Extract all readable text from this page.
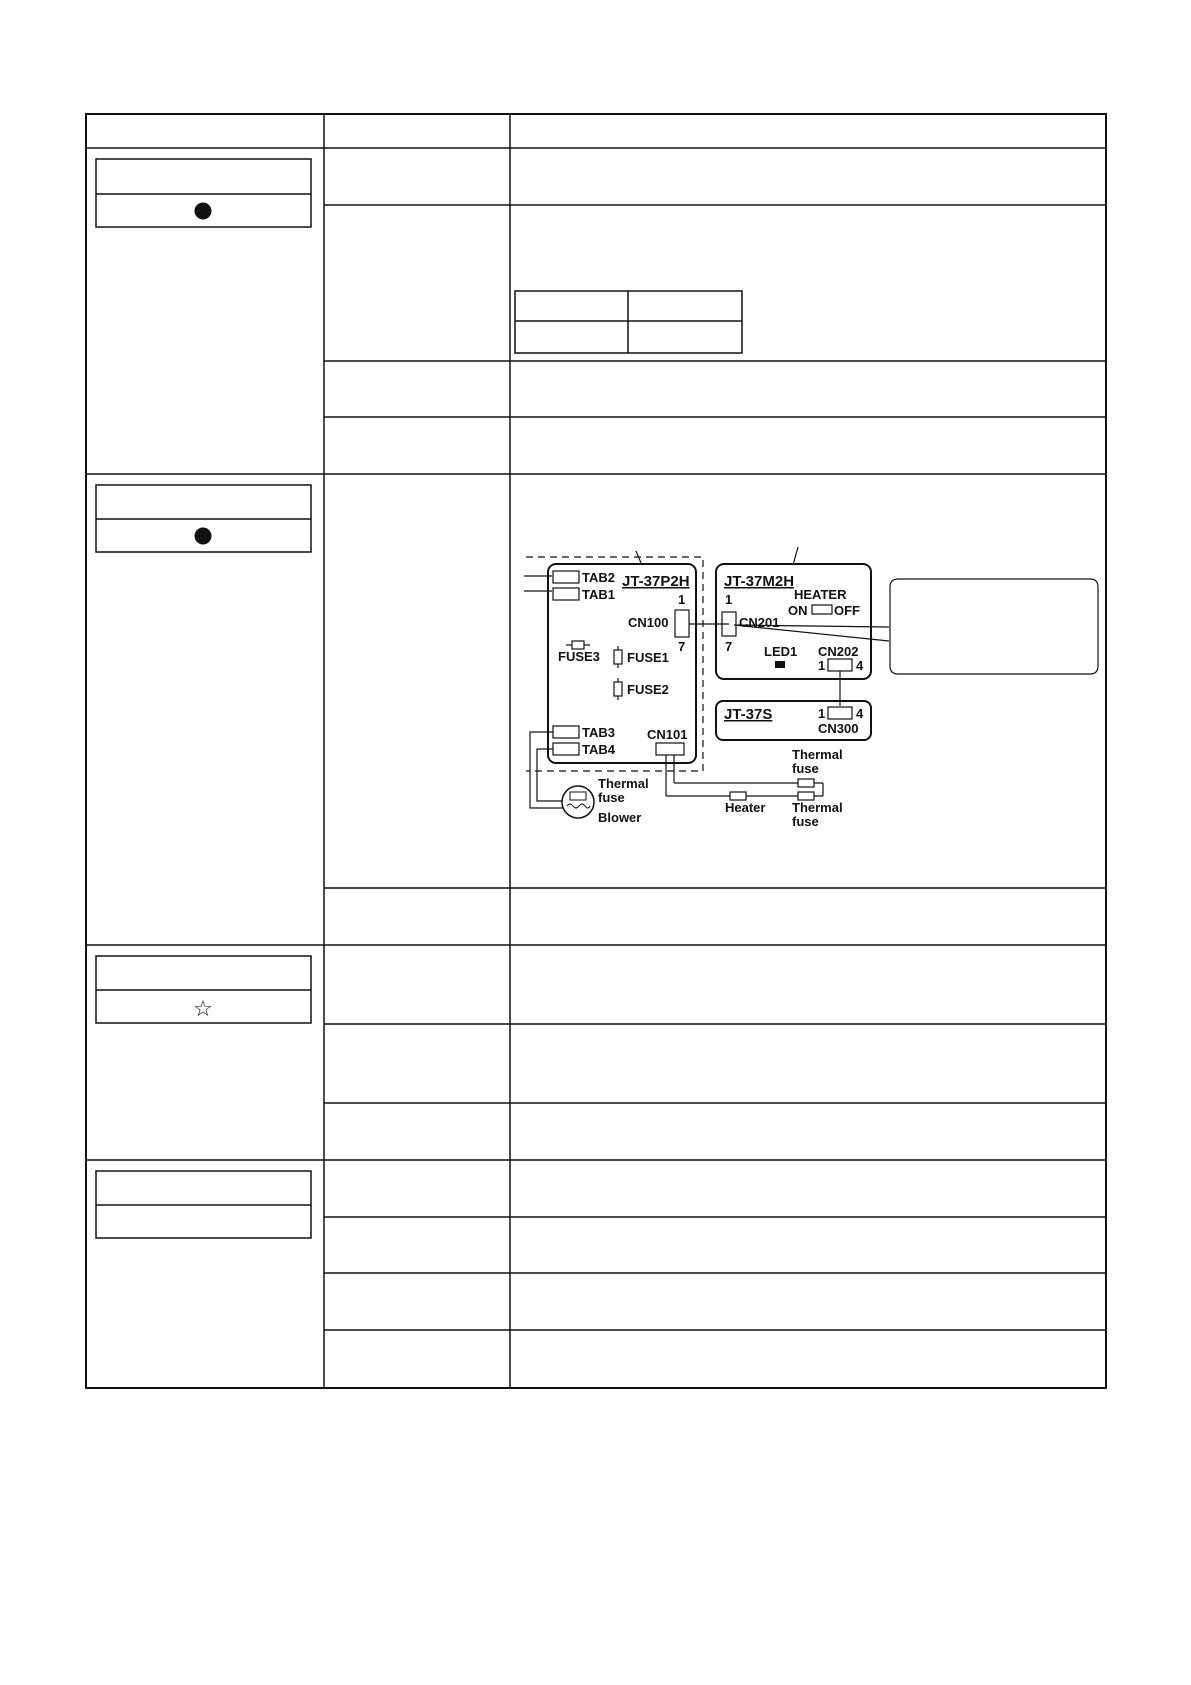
☆
JT-37P2H
TAB2
TAB1	1
CN100
7
FUSE3 FUSE1
FUSE2
TAB3
TAB4
CN101
Thermal
fuse
Blower
Thermal
fuse
Heater Thermal
fuse
JT-37M2H
1	HEATER
ON OFF
CN201
7 LED1 CN202
1 4
JT-37S	1 4
CN300
